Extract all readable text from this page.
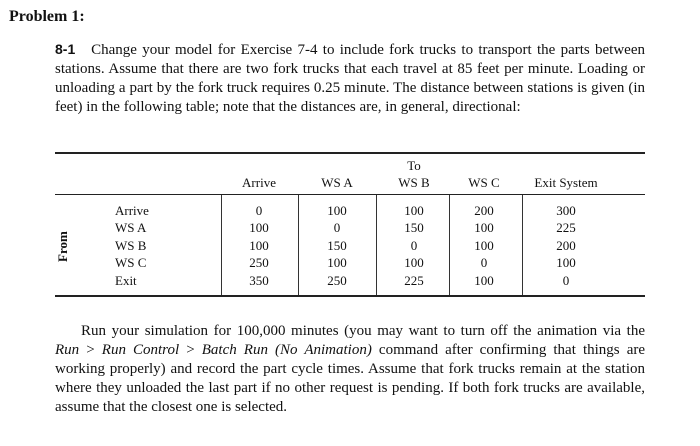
Problem 1:
8-1 Change your model for Exercise 7-4 to include fork trucks to transport the parts between stations. Assume that there are two fork trucks that each travel at 85 feet per minute. Loading or unloading a part by the fork truck requires 0.25 minute. The distance between stations is given (in feet) in the following table; note that the distances are, in general, directional:
To
Arrive	WS A	WS B	WS C	Exit System
From
Arrive	0	100	100	200	300
WS A	100	0	150	100	225
WS B	100	150	0	100	200
WS C	250	100	100	0	100
Exit	350	250	225	100	0
Run your simulation for 100,000 minutes (you may want to turn off the animation via the Run > Run Control > Batch Run (No Animation) command after confirming that things are working properly) and record the part cycle times. Assume that fork trucks remain at the station where they unloaded the last part if no other request is pending. If both fork trucks are available, assume that the closest one is selected.
